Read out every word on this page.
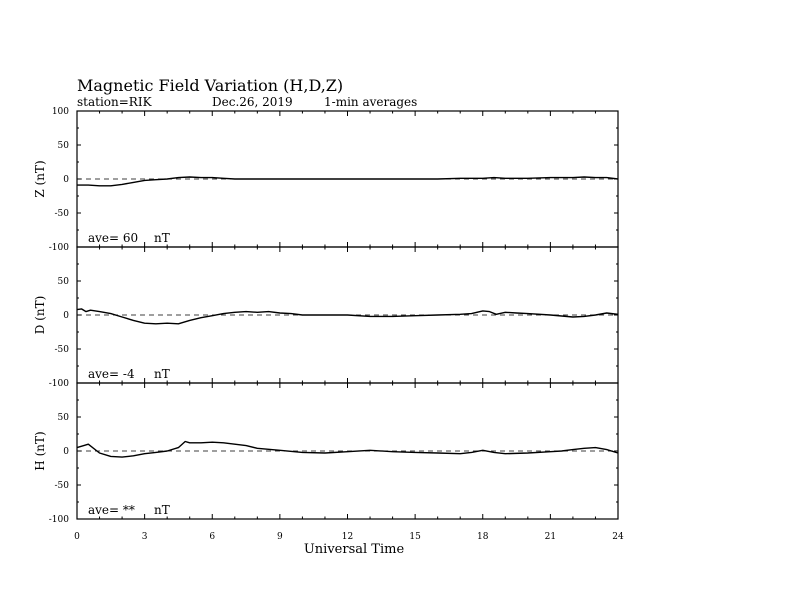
Magnetic Field Variation (H,D,Z)
station=RIK	Dec.26, 2019	1-min averages
100
50
0
-50
-100
Z (nT)
ave= 60 nT
50
0
-50
-100
D (nT)
ave= -4 nT
50
0
-50
-100
H (nT)
ave= ** nT
0	3	6	9	12	15	18	21	24
Universal Time
